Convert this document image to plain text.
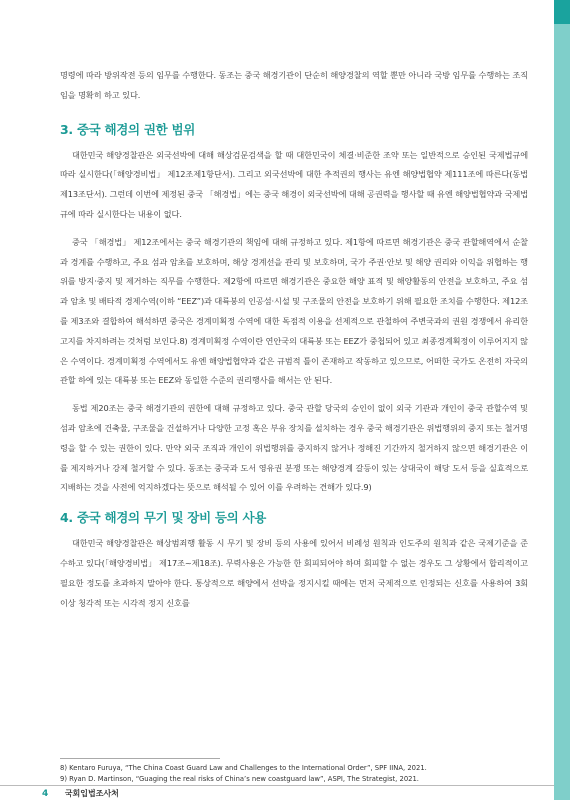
명령에 따라 방위작전 등의 임무를 수행한다. 동조는 중국 해경기관이 단순히 해양경찰의 역할 뿐만 아니라 국방 임무를 수행하는 조직임을 명확히 하고 있다.

3. 중국 해경의 권한 범위

대한민국 해양경찰관은 외국선박에 대해 해상검문검색을 할 때 대한민국이 체결·비준한 조약 또는 일반적으로 승인된 국제법규에 따라 실시한다(「해양경비법」 제12조제1항단서). 그리고 외국선박에 대한 추적권의 행사는 유엔 해양법협약 제111조에 따른다(동법 제13조단서). 그런데 이번에 제정된 중국 「해경법」에는 중국 해경이 외국선박에 대해 공권력을 행사할 때 유엔 해양법협약과 국제법규에 따라 실시한다는 내용이 없다.

중국 「해경법」 제12조에서는 중국 해경기관의 책임에 대해 규정하고 있다. 제1항에 따르면 해경기관은 중국 관할해역에서 순찰과 경계를 수행하고, 주요 섬과 암초를 보호하며, 해상 경계선을 관리 및 보호하며, 국가 주권·안보 및 해양 권리와 이익을 위협하는 행위를 방지·중지 및 제거하는 직무를 수행한다. 제2항에 따르면 해경기관은 중요한 해양 표적 및 해양활동의 안전을 보호하고, 주요 섬과 암초 및 배타적 경제수역(이하 “EEZ”)과 대륙붕의 인공섬·시설 및 구조물의 안전을 보호하기 위해 필요한 조치를 수행한다. 제12조를 제3조와 결합하여 해석하면 중국은 경계미획정 수역에 대한 독점적 이용을 선제적으로 관철하여 주변국과의 권원 경쟁에서 유리한 고지를 차지하려는 것처럼 보인다.8) 경계미획정 수역이란 연안국의 대륙붕 또는 EEZ가 중첩되어 있고 최종경계획정이 이루어지지 않은 수역이다. 경계미획정 수역에서도 유엔 해양법협약과 같은 규범적 틀이 존재하고 작동하고 있으므로, 어떠한 국가도 온전히 자국의 관할 하에 있는 대륙붕 또는 EEZ와 동일한 수준의 권리행사를 해서는 안 된다.

동법 제20조는 중국 해경기관의 권한에 대해 규정하고 있다. 중국 관할 당국의 승인이 없이 외국 기관과 개인이 중국 관할수역 및 섬과 암초에 건축물, 구조물을 건설하거나 다양한 고정 혹은 부유 장치를 설치하는 경우 중국 해경기관은 위법행위의 중지 또는 철거명령을 할 수 있는 권한이 있다. 만약 외국 조직과 개인이 위법행위를 중지하지 않거나 정해진 기간까지 철거하지 않으면 해경기관은 이를 제지하거나 강제 철거할 수 있다. 동조는 중국과 도서 영유권 분쟁 또는 해양경계 갈등이 있는 상대국이 해당 도서 등을 실효적으로 지배하는 것을 사전에 억지하겠다는 뜻으로 해석될 수 있어 이를 우려하는 견해가 있다.9)

4. 중국 해경의 무기 및 장비 등의 사용

대한민국 해양경찰관은 해상범죄행 활동 시 무기 및 장비 등의 사용에 있어서 비례성 원칙과 인도주의 원칙과 같은 국제기준을 준수하고 있다(「해양경비법」 제17조~제18조). 무력사용은 가능한 한 회피되어야 하며 회피할 수 없는 경우도 그 상황에서 합리적이고 필요한 정도를 초과하지 말아야 한다. 통상적으로 해양에서 선박을 정지시킬 때에는 먼저 국제적으로 인정되는 신호를 사용하여 3회 이상 청각적 또는 시각적 정지 신호를

8) Kentaro Furuya, “The China Coast Guard Law and Challenges to the International Order”, SPF IINA, 2021.
9) Ryan D. Martinson, “Guaging the real risks of China’s new coastguard law”, ASPI, The Strategist, 2021.
4 국회입법조사처
